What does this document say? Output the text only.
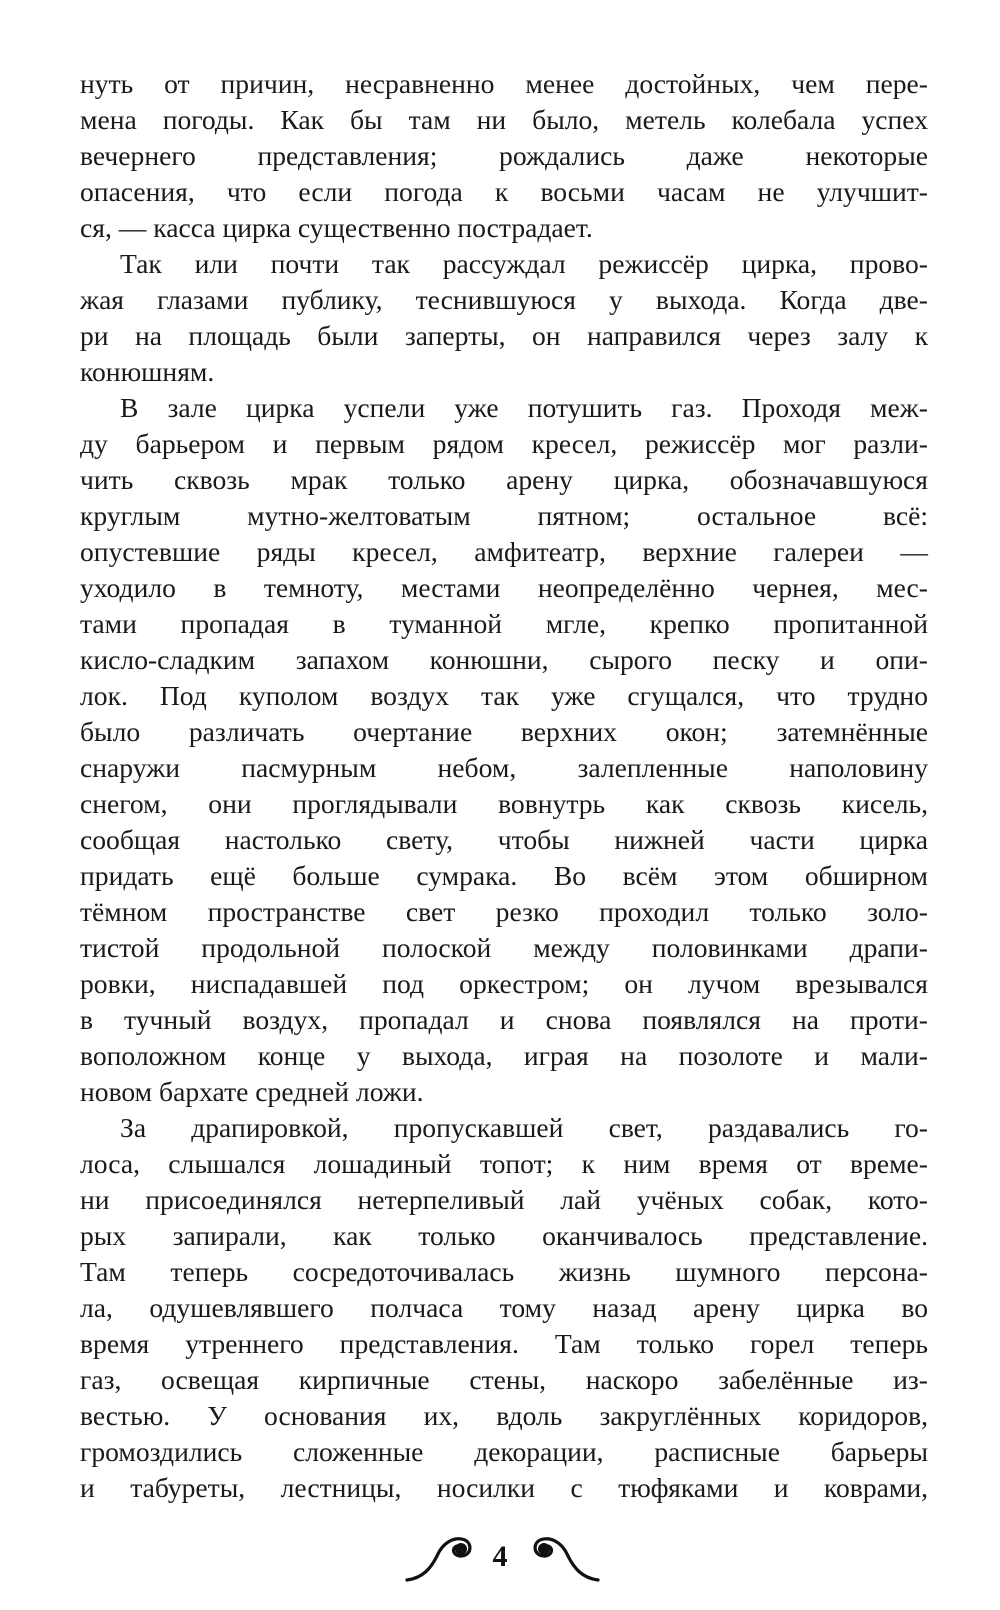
нуть от причин, несравненно менее достойных, чем пере-
мена погоды. Как бы там ни было, метель колебала успех
вечернего представления; рождались даже некоторые
опасения, что если погода к восьми часам не улучшит-
ся, — касса цирка существенно пострадает.

Так или почти так рассуждал режиссёр цирка, прово-
жая глазами публику, теснившуюся у выхода. Когда две-
ри на площадь были заперты, он направился через залу к
конюшням.

В зале цирка успели уже потушить газ. Проходя меж-
ду барьером и первым рядом кресел, режиссёр мог разли-
чить сквозь мрак только арену цирка, обозначавшуюся
круглым мутно-желтоватым пятном; остальное всё:
опустевшие ряды кресел, амфитеатр, верхние галереи —
уходило в темноту, местами неопределённо чернея, мес-
тами пропадая в туманной мгле, крепко пропитанной
кисло-сладким запахом конюшни, сырого песку и опи-
лок. Под куполом воздух так уже сгущался, что трудно
было различать очертание верхних окон; затемнённые
снаружи пасмурным небом, залепленные наполовину
снегом, они проглядывали вовнутрь как сквозь кисель,
сообщая настолько свету, чтобы нижней части цирка
придать ещё больше сумрака. Во всём этом обширном
тёмном пространстве свет резко проходил только золо-
тистой продольной полоской между половинками драпи-
ровки, ниспадавшей под оркестром; он лучом врезывался
в тучный воздух, пропадал и снова появлялся на проти-
воположном конце у выхода, играя на позолоте и мали-
новом бархате средней ложи.

За драпировкой, пропускавшей свет, раздавались го-
лоса, слышался лошадиный топот; к ним время от време-
ни присоединялся нетерпеливый лай учёных собак, кото-
рых запирали, как только оканчивалось представление.
Там теперь сосредоточивалась жизнь шумного персона-
ла, одушевлявшего полчаса тому назад арену цирка во
время утреннего представления. Там только горел теперь
газ, освещая кирпичные стены, наскоро забелённые из-
вестью. У основания их, вдоль закруглённых коридоров,
громоздились сложенные декорации, расписные барьеры
и табуреты, лестницы, носилки с тюфяками и коврами,

4
